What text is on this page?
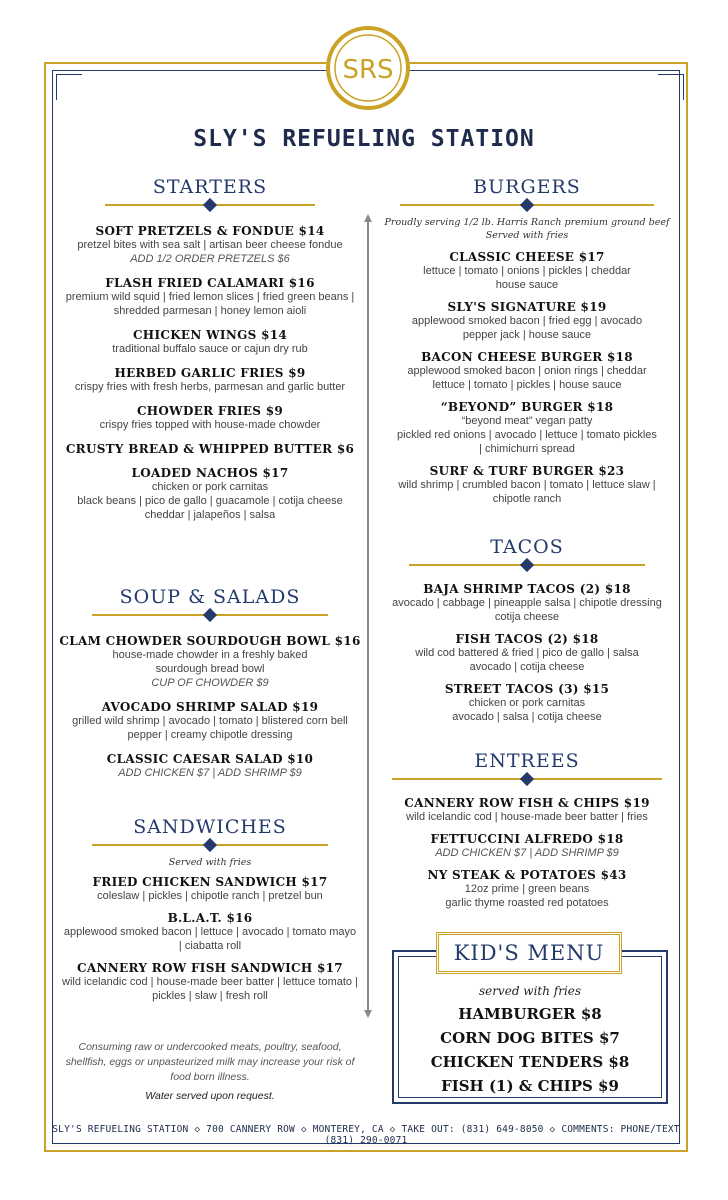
SRS
SLY'S REFUELING STATION
STARTERS
SOFT PRETZELS & FONDUE $14
pretzel bites with sea salt | artisan beer cheese fondue
ADD 1/2 ORDER PRETZELS $6
FLASH FRIED CALAMARI $16
premium wild squid | fried lemon slices | fried green beans | shredded parmesan | honey lemon aioli
CHICKEN WINGS $14
traditional buffalo sauce or cajun dry rub
HERBED GARLIC FRIES $9
crispy fries with fresh herbs, parmesan and garlic butter
CHOWDER FRIES $9
crispy fries topped with house-made chowder
CRUSTY BREAD & WHIPPED BUTTER $6
LOADED NACHOS $17
chicken or pork carnitas
black beans | pico de gallo | guacamole | cotija cheese
cheddar | jalapeños | salsa
SOUP & SALADS
CLAM CHOWDER SOURDOUGH BOWL $16
house-made chowder in a freshly baked sourdough bread bowl
CUP OF CHOWDER $9
AVOCADO SHRIMP SALAD $19
grilled wild shrimp | avocado | tomato | blistered corn bell pepper | creamy chipotle dressing
CLASSIC CAESAR SALAD $10
ADD CHICKEN $7 | ADD SHRIMP $9
SANDWICHES
Served with fries
FRIED CHICKEN SANDWICH $17
coleslaw | pickles | chipotle ranch | pretzel bun
B.L.A.T. $16
applewood smoked bacon | lettuce | avocado | tomato mayo | ciabatta roll
CANNERY ROW FISH SANDWICH $17
wild icelandic cod | house-made beer batter | lettuce tomato | pickles | slaw | fresh roll
Consuming raw or undercooked meats, poultry, seafood, shellfish, eggs or unpasteurized milk may increase your risk of food born illness.
Water served upon request.
BURGERS
Proudly serving 1/2 lb. Harris Ranch premium ground beef
Served with fries
CLASSIC CHEESE $17
lettuce | tomato | onions | pickles | cheddar house sauce
SLY'S SIGNATURE $19
applewood smoked bacon | fried egg | avocado pepper jack | house sauce
BACON CHEESE BURGER $18
applewood smoked bacon | onion rings | cheddar lettuce | tomato | pickles | house sauce
“BEYOND” BURGER $18
“beyond meat” vegan patty
pickled red onions | avocado | lettuce | tomato pickles | chimichurri spread
SURF & TURF BURGER $23
wild shrimp | crumbled bacon | tomato | lettuce slaw | chipotle ranch
TACOS
BAJA SHRIMP TACOS (2) $18
avocado | cabbage | pineapple salsa | chipotle dressing cotija cheese
FISH TACOS (2) $18
wild cod battered & fried | pico de gallo | salsa avocado | cotija cheese
STREET TACOS (3) $15
chicken or pork carnitas
avocado | salsa | cotija cheese
ENTREES
CANNERY ROW FISH & CHIPS $19
wild icelandic cod | house-made beer batter | fries
FETTUCCINI ALFREDO $18
ADD CHICKEN $7 | ADD SHRIMP $9
NY STEAK & POTATOES $43
12oz prime | green beans
garlic thyme roasted red potatoes
KID'S MENU
served with fries
HAMBURGER $8
CORN DOG BITES $7
CHICKEN TENDERS $8
FISH (1) & CHIPS $9
SLY'S REFUELING STATION ◇ 700 CANNERY ROW ◇ MONTEREY, CA ◇ TAKE OUT: (831) 649-8050 ◇ COMMENTS: PHONE/TEXT (831) 290-0071
